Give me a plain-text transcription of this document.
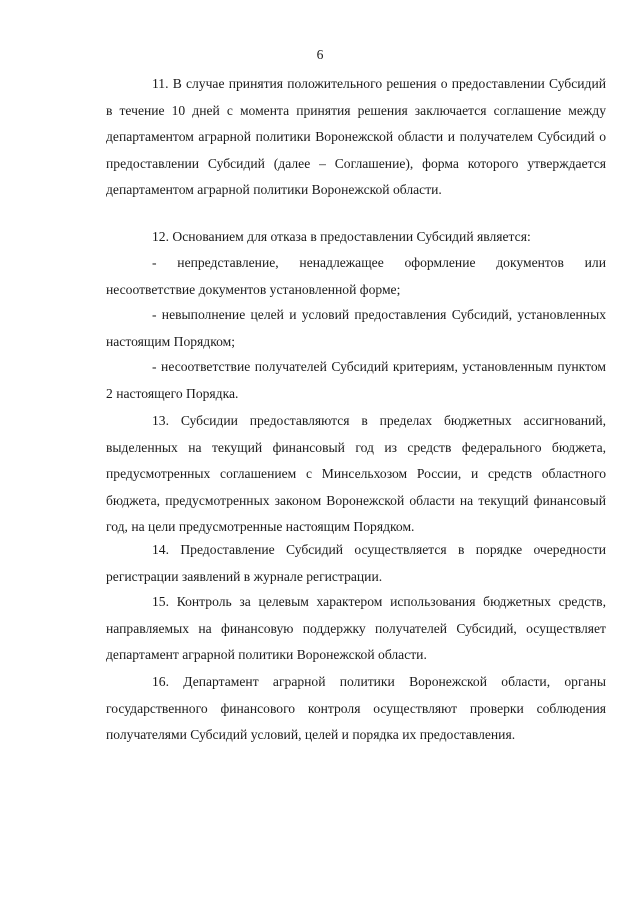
6

11. В случае принятия положительного решения о предоставлении Субсидий в течение 10 дней с момента принятия решения заключается соглашение между департаментом аграрной политики Воронежской области и получателем Субсидий о предоставлении Субсидий (далее – Соглашение), форма которого утверждается департаментом аграрной политики Воронежской области.

12. Основанием для отказа в предоставлении Субсидий является:

- непредставление, ненадлежащее оформление документов или несоответствие документов установленной форме;

- невыполнение целей и условий предоставления Субсидий, установленных настоящим Порядком;

- несоответствие получателей Субсидий критериям, установленным пунктом 2 настоящего Порядка.

13. Субсидии предоставляются в пределах бюджетных ассигнований, выделенных на текущий финансовый год из средств федерального бюджета, предусмотренных соглашением с Минсельхозом России, и средств областного бюджета, предусмотренных законом Воронежской области на текущий финансовый год, на цели предусмотренные настоящим Порядком.

14. Предоставление Субсидий осуществляется в порядке очередности регистрации заявлений в журнале регистрации.

15. Контроль за целевым характером использования бюджетных средств, направляемых на финансовую поддержку получателей Субсидий, осуществляет департамент аграрной политики Воронежской области.

16. Департамент аграрной политики Воронежской области, органы государственного финансового контроля осуществляют проверки соблюдения получателями Субсидий условий, целей и порядка их предоставления.
